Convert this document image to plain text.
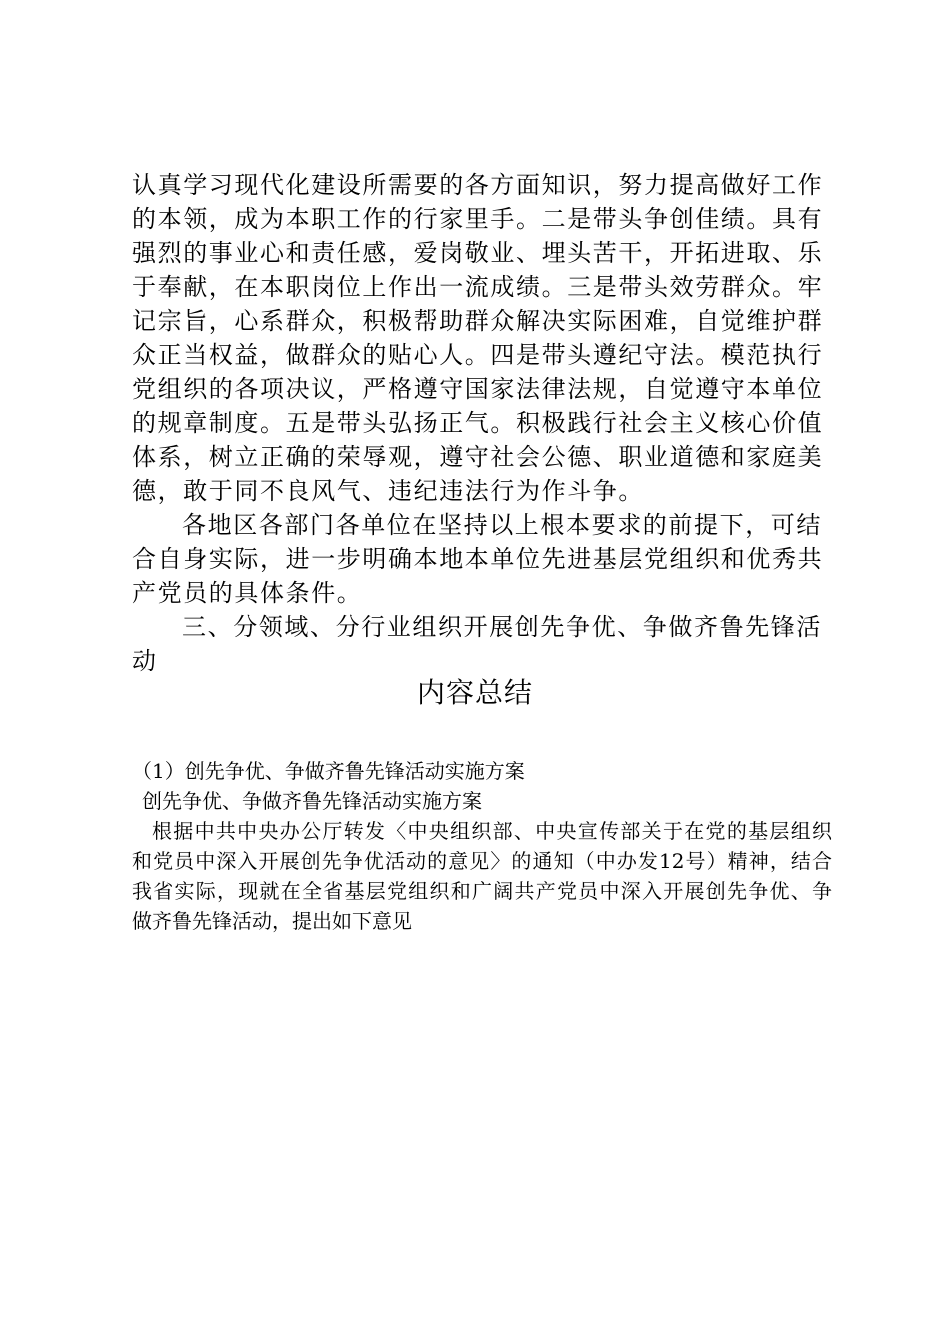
认真学习现代化建设所需要的各方面知识，努力提高做好工作
的本领，成为本职工作的行家里手。二是带头争创佳绩。具有
强烈的事业心和责任感，爱岗敬业、埋头苦干，开拓进取、乐
于奉献，在本职岗位上作出一流成绩。三是带头效劳群众。牢
记宗旨，心系群众，积极帮助群众解决实际困难，自觉维护群
众正当权益，做群众的贴心人。四是带头遵纪守法。模范执行
党组织的各项决议，严格遵守国家法律法规，自觉遵守本单位
的规章制度。五是带头弘扬正气。积极践行社会主义核心价值
体系，树立正确的荣辱观，遵守社会公德、职业道德和家庭美
德，敢于同不良风气、违纪违法行为作斗争。
各地区各部门各单位在坚持以上根本要求的前提下，可结
合自身实际，进一步明确本地本单位先进基层党组织和优秀共
产党员的具体条件。
三、分领域、分行业组织开展创先争优、争做齐鲁先锋活
动
内容总结
（1）创先争优、争做齐鲁先锋活动实施方案
创先争优、争做齐鲁先锋活动实施方案
根据中共中央办公厅转发〈中央组织部、中央宣传部关于在党的基层组织
和党员中深入开展创先争优活动的意见〉的通知（中办发12号）精神，结合
我省实际，现就在全省基层党组织和广阔共产党员中深入开展创先争优、争
做齐鲁先锋活动，提出如下意见
